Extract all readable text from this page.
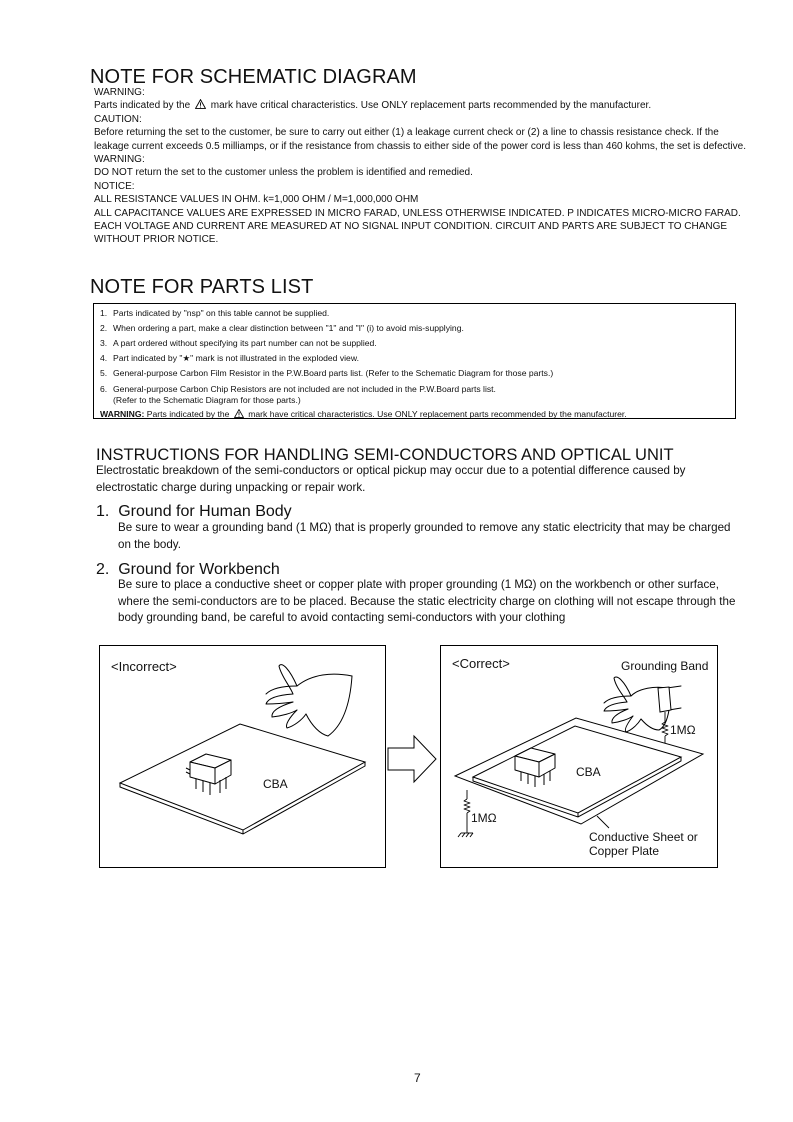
NOTE FOR SCHEMATIC DIAGRAM

WARNING:

Parts indicated by the mark have critical characteristics. Use ONLY replacement parts recommended by the manufacturer.

CAUTION:

Before returning the set to the customer, be sure to carry out either (1) a leakage current check or (2) a line to chassis resistance check. If the leakage current exceeds 0.5 milliamps, or if the resistance from chassis to either side of the power cord is less than 460 kohms, the set is defective.

WARNING:

DO NOT return the set to the customer unless the problem is identified and remedied.

NOTICE:

ALL RESISTANCE VALUES IN OHM. k=1,000 OHM / M=1,000,000 OHM

ALL CAPACITANCE VALUES ARE EXPRESSED IN MICRO FARAD, UNLESS OTHERWISE INDICATED. P INDICATES MICRO-MICRO FARAD. EACH VOLTAGE AND CURRENT ARE MEASURED AT NO SIGNAL INPUT CONDITION. CIRCUIT AND PARTS ARE SUBJECT TO CHANGE WITHOUT PRIOR NOTICE.

NOTE FOR PARTS LIST
1. Parts indicated by "nsp" on this table cannot be supplied.
2. When ordering a part, make a clear distinction between "1" and "I" (i) to avoid mis-supplying.
3. A part ordered without specifying its part number can not be supplied.
4. Part indicated by "★" mark is not illustrated in the exploded view.
5. General-purpose Carbon Film Resistor in the P.W.Board parts list. (Refer to the Schematic Diagram for those parts.)
6. General-purpose Carbon Chip Resistors are not included are not included in the P.W.Board parts list.
(Refer to the Schematic Diagram for those parts.)
WARNING: Parts indicated by the mark have critical characteristics. Use ONLY replacement parts recommended by the manufacturer.
INSTRUCTIONS FOR HANDLING SEMI-CONDUCTORS AND OPTICAL UNIT
Electrostatic breakdown of the semi-conductors or optical pickup may occur due to a potential difference caused by electrostatic charge during unpacking or repair work.
1.  Ground for Human Body
Be sure to wear a grounding band (1 MΩ) that is properly grounded to remove any static electricity that may be charged on the body.
2.  Ground for Workbench
Be sure to place a conductive sheet or copper plate with proper grounding (1 MΩ) on the workbench or other surface, where the semi-conductors are to be placed. Because the static electricity charge on clothing will not escape through the body grounding band, be careful to avoid contacting semi-conductors with your clothing
<Incorrect>
CBA
<Correct>	Grounding Band
1MΩ
CBA
1MΩ
Conductive Sheet or
Copper Plate
7
